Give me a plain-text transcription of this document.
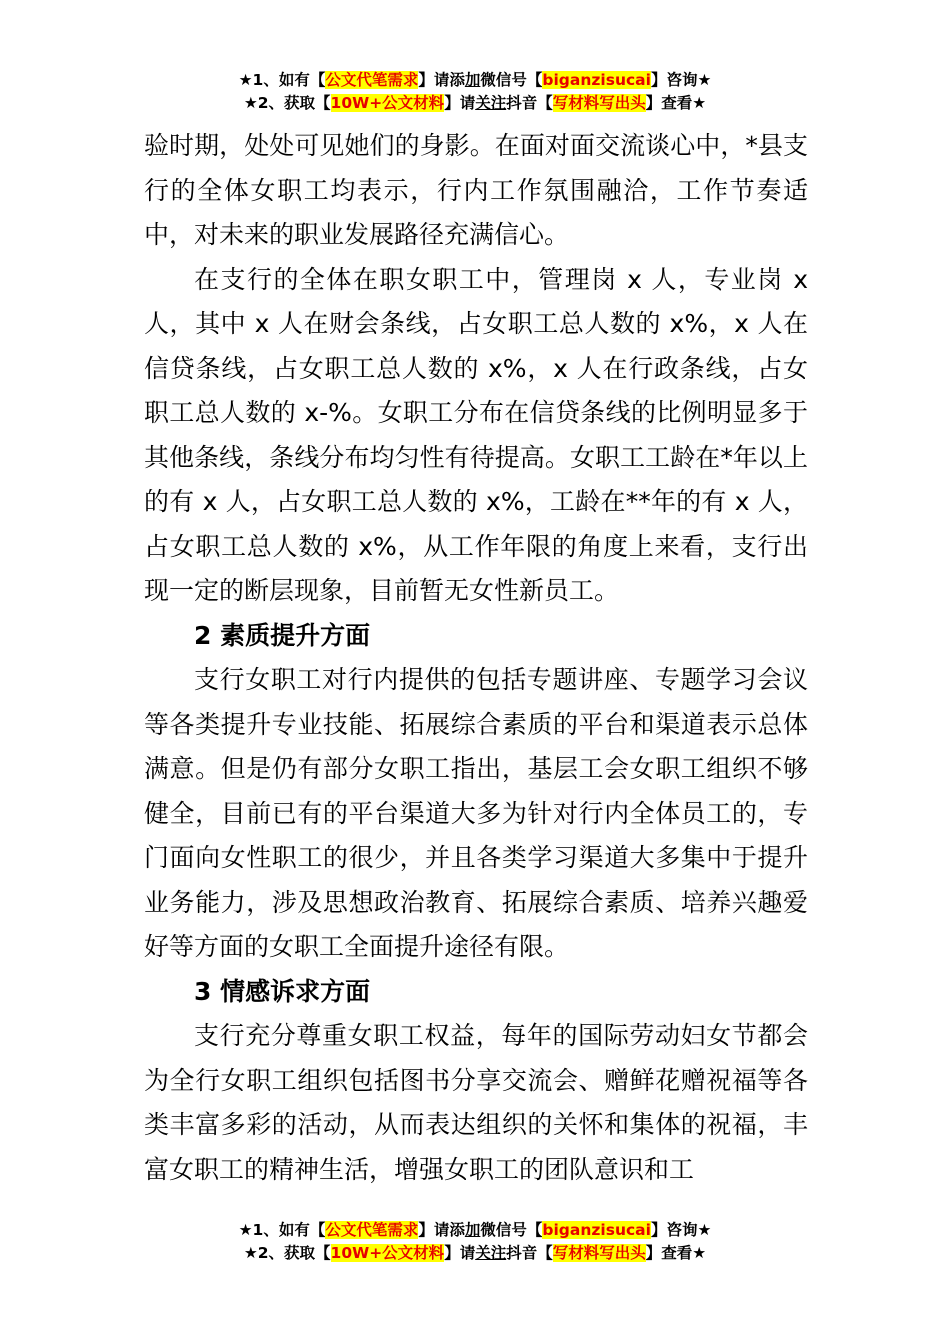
★1、如有【公文代笔需求】请添加微信号【biganzisucai】咨询★
★2、获取【10W+公文材料】请关注抖音【写材料写出头】查看★

验时期，处处可见她们的身影。在面对面交流谈心中，*县支行的全体女职工均表示，行内工作氛围融洽，工作节奏适中，对未来的职业发展路径充满信心。

在支行的全体在职女职工中，管理岗 x 人，专业岗 x 人，其中 x 人在财会条线，占女职工总人数的 x%，x 人在信贷条线，占女职工总人数的 x%，x 人在行政条线，占女职工总人数的 x-%。女职工分布在信贷条线的比例明显多于其他条线，条线分布均匀性有待提高。女职工工龄在*年以上的有 x 人，占女职工总人数的 x%，工龄在**年的有 x 人，占女职工总人数的 x%，从工作年限的角度上来看，支行出现一定的断层现象，目前暂无女性新员工。

2 素质提升方面

支行女职工对行内提供的包括专题讲座、专题学习会议等各类提升专业技能、拓展综合素质的平台和渠道表示总体满意。但是仍有部分女职工指出，基层工会女职工组织不够健全，目前已有的平台渠道大多为针对行内全体员工的，专门面向女性职工的很少，并且各类学习渠道大多集中于提升业务能力，涉及思想政治教育、拓展综合素质、培养兴趣爱好等方面的女职工全面提升途径有限。

3 情感诉求方面

支行充分尊重女职工权益，每年的国际劳动妇女节都会为全行女职工组织包括图书分享交流会、赠鲜花赠祝福等各类丰富多彩的活动，从而表达组织的关怀和集体的祝福，丰富女职工的精神生活，增强女职工的团队意识和工

★1、如有【公文代笔需求】请添加微信号【biganzisucai】咨询★
★2、获取【10W+公文材料】请关注抖音【写材料写出头】查看★
